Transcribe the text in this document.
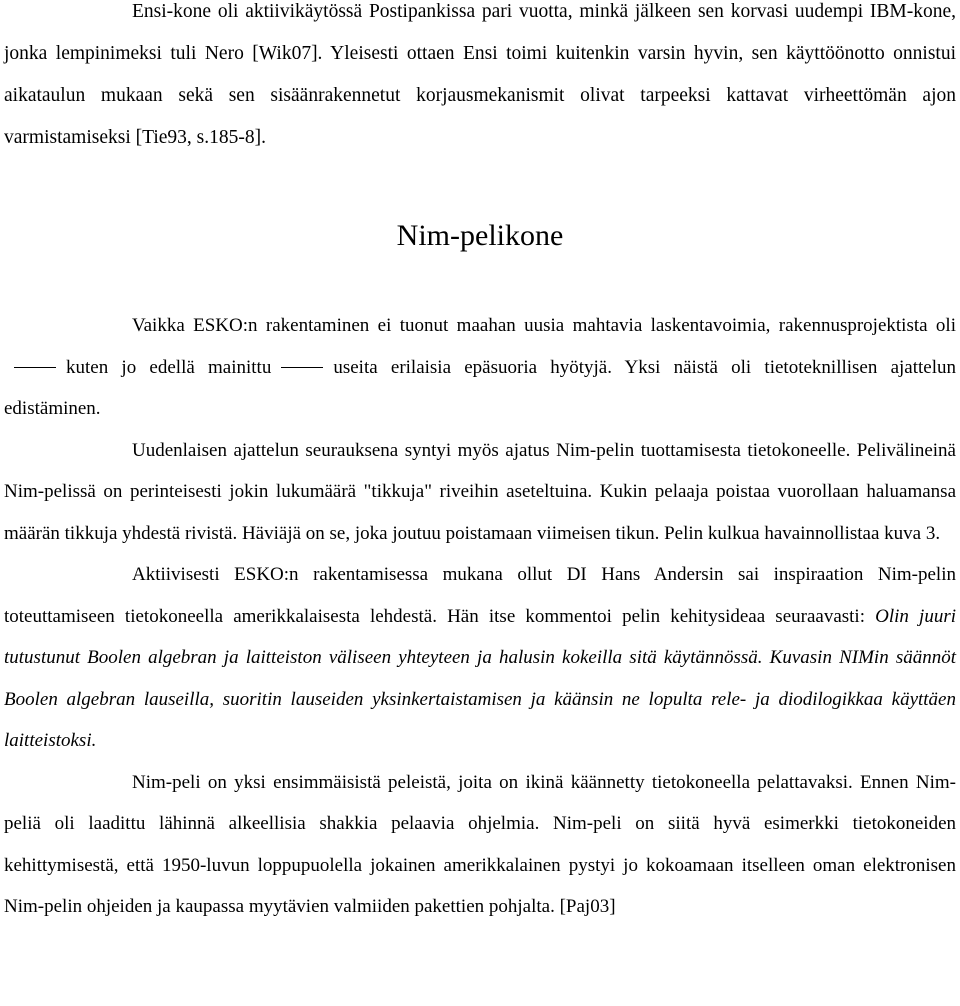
Ensi-kone oli aktiivikäytössä Postipankissa pari vuotta, minkä jälkeen sen korvasi uudempi IBM-kone, jonka lempinimeksi tuli Nero [Wik07]. Yleisesti ottaen Ensi toimi kuitenkin varsin hyvin, sen käyttöönotto onnistui aikataulun mukaan sekä sen sisäänrakennetut korjausmekanismit olivat tarpeeksi kattavat virheettömän ajon varmistamiseksi [Tie93, s.185-8].

Nim-pelikone

Vaikka ESKO:n rakentaminen ei tuonut maahan uusia mahtavia laskentavoimia, rakennusprojektista olikuten jo edellä mainittu	useita erilaisia epäsuoria hyötyjä. Yksi näistä oli tietoteknillisen ajattelun edistäminen.

Uudenlaisen ajattelun seurauksena syntyi myös ajatus Nim-pelin tuottamisesta tietokoneelle. Pelivälineinä Nim-pelissä on perinteisesti jokin lukumäärä "tikkuja" riveihin aseteltuina. Kukin pelaaja poistaa vuorollaan haluamansa määrän tikkuja yhdestä rivistä. Häviäjä on se, joka joutuu poistamaan viimeisen tikun. Pelin kulkua havainnollistaa kuva 3.

Aktiivisesti ESKO:n rakentamisessa mukana ollut DI Hans Andersin sai inspiraation Nim-pelin toteuttamiseen tietokoneella amerikkalaisesta lehdestä. Hän itse kommentoi pelin kehitysideaa seuraavasti: Olin juuri tutustunut Boolen algebran ja laitteiston väliseen yhteyteen ja halusin kokeilla sitä käytännössä. Kuvasin NIMin säännöt Boolen algebran lauseilla, suoritin lauseiden yksinkertaistamisen ja käänsin ne lopulta rele- ja diodilogikkaa käyttäen laitteistoksi.

Nim-peli on yksi ensimmäisistä peleistä, joita on ikinä käännetty tietokoneella pelattavaksi. Ennen Nim-peliä oli laadittu lähinnä alkeellisia shakkia pelaavia ohjelmia. Nim-peli on siitä hyvä esimerkki tietokoneiden kehittymisestä, että 1950-luvun loppupuolella jokainen amerikkalainen pystyi jo kokoamaan itselleen oman elektronisen Nim-pelin ohjeiden ja kaupassa myytävien valmiiden pakettien pohjalta. [Paj03]
